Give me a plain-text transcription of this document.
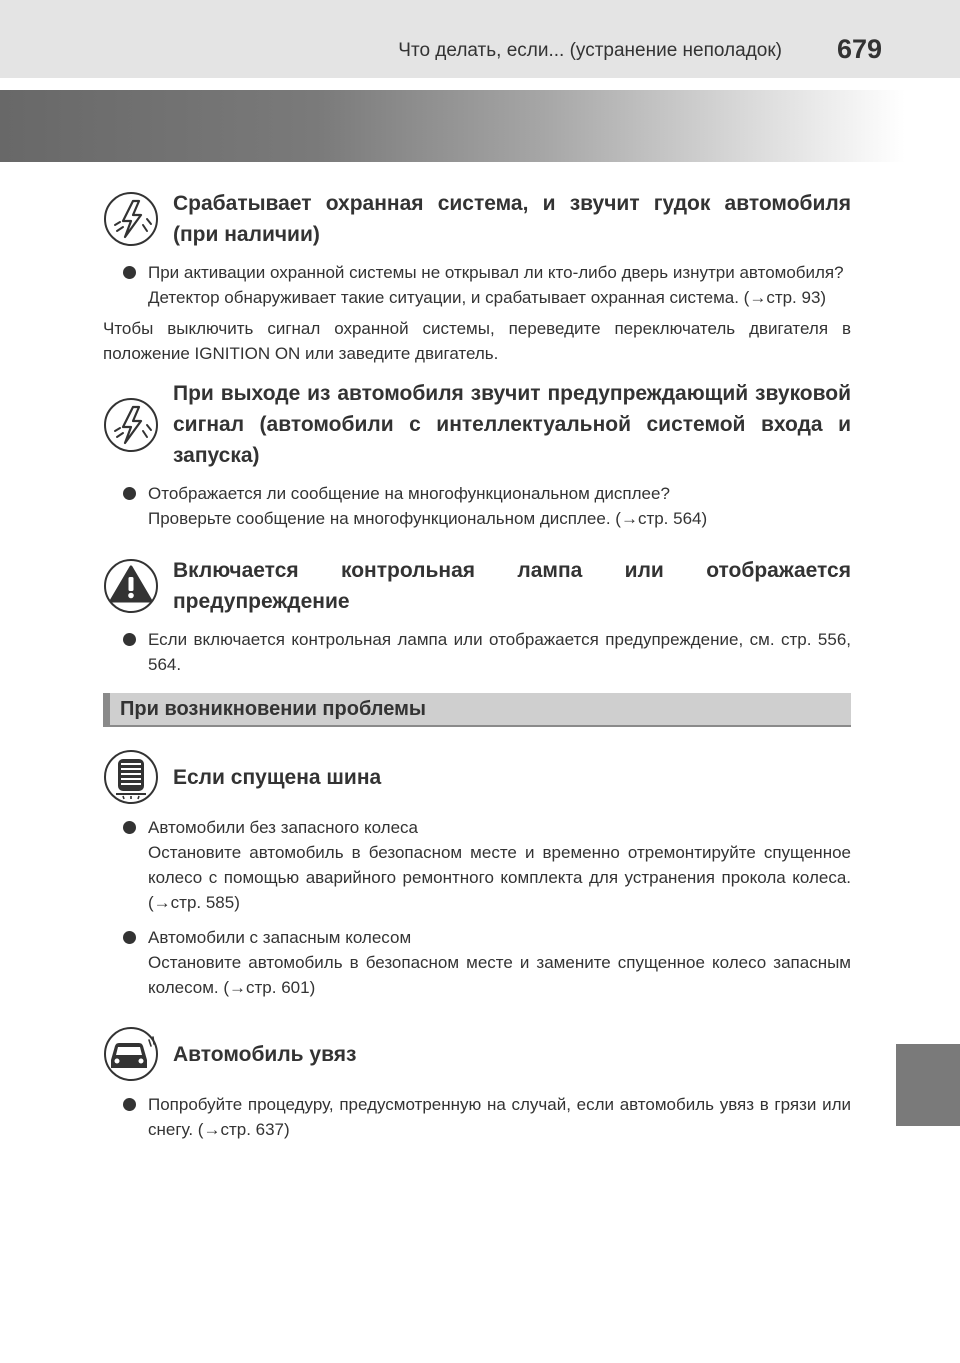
Что делать, если... (устранение неполадок) 679
Срабатывает охранная система, и звучит гудок автомобиля (при наличии)
При активации охранной системы не открывал ли кто-либо дверь изнутри автомобиля?
Детектор обнаруживает такие ситуации, и срабатывает охранная система. (→стр. 93)
Чтобы выключить сигнал охранной системы, переведите переключатель двигателя в положение IGNITION ON или заведите двигатель.
При выходе из автомобиля звучит предупреждающий звуковой сигнал (автомобили с интеллектуальной системой входа и запуска)
Отображается ли сообщение на многофункциональном дисплее?
Проверьте сообщение на многофункциональном дисплее. (→стр. 564)
Включается контрольная лампа или отображается предупреждение
Если включается контрольная лампа или отображается предупреждение, см. стр. 556, 564.
При возникновении проблемы
Если спущена шина
Автомобили без запасного колеса
Остановите автомобиль в безопасном месте и временно отремонтируйте спущенное колесо с помощью аварийного ремонтного комплекта для устранения прокола колеса. (→стр. 585)
Автомобили с запасным колесом
Остановите автомобиль в безопасном месте и замените спущенное колесо запасным колесом. (→стр. 601)
Автомобиль увяз
Попробуйте процедуру, предусмотренную на случай, если автомобиль увяз в грязи или снегу. (→стр. 637)
